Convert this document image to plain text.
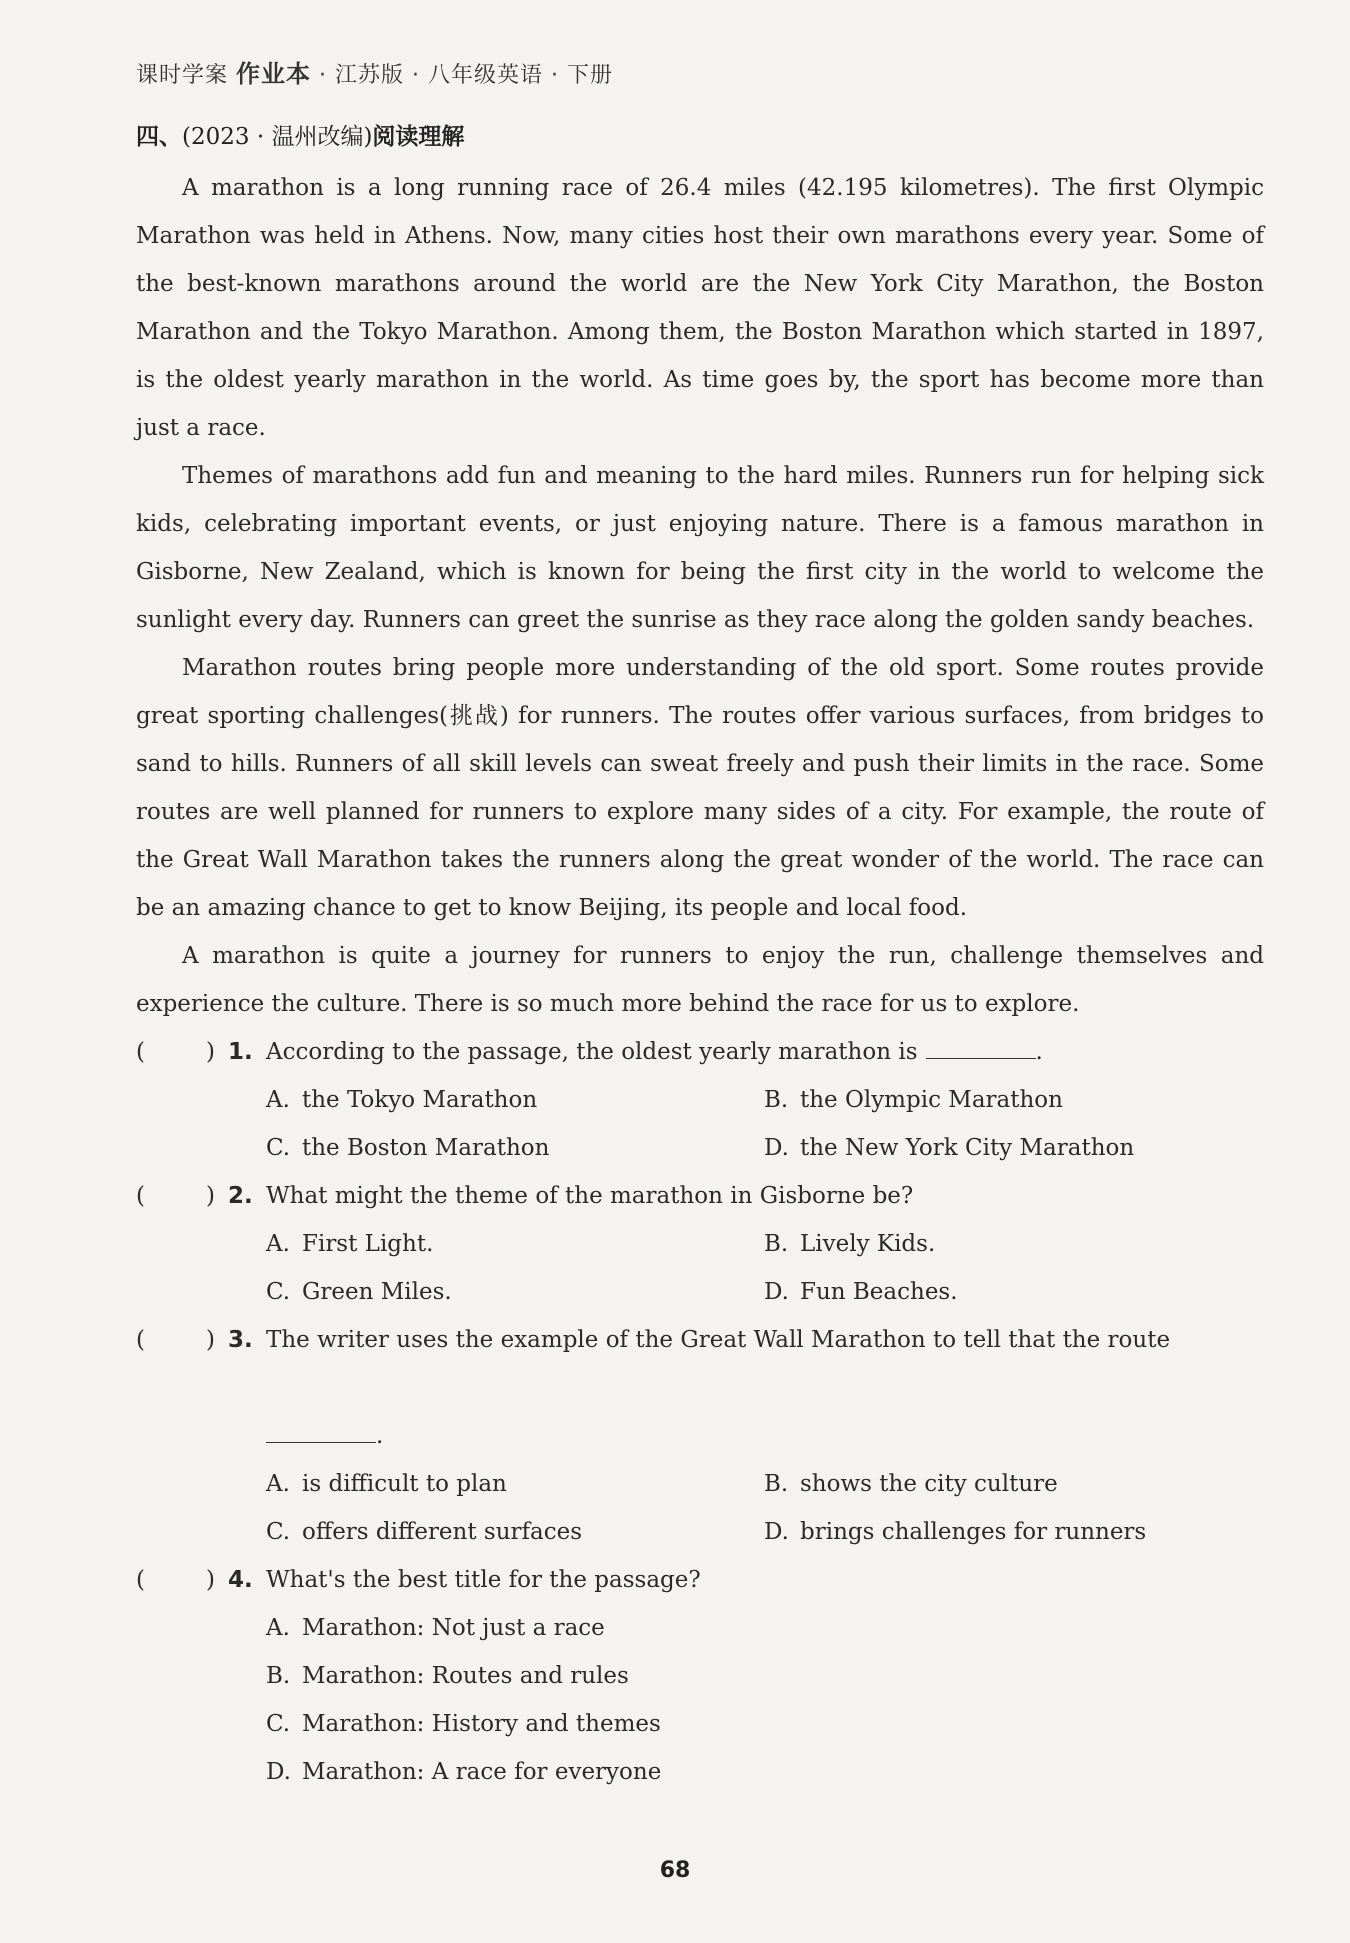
课时学案 作业本 · 江苏版 · 八年级英语 · 下册
四、(2023 · 温州改编)阅读理解

A marathon is a long running race of 26.4 miles (42.195 kilometres). The first Olympic Marathon was held in Athens. Now, many cities host their own marathons every year. Some of the best-known marathons around the world are the New York City Marathon, the Boston Marathon and the Tokyo Marathon. Among them, the Boston Marathon which started in 1897, is the oldest yearly marathon in the world. As time goes by, the sport has become more than just a race.

Themes of marathons add fun and meaning to the hard miles. Runners run for helping sick kids, celebrating important events, or just enjoying nature. There is a famous marathon in Gisborne, New Zealand, which is known for being the first city in the world to welcome the sunlight every day. Runners can greet the sunrise as they race along the golden sandy beaches.

Marathon routes bring people more understanding of the old sport. Some routes provide great sporting challenges(挑战) for runners. The routes offer various surfaces, from bridges to sand to hills. Runners of all skill levels can sweat freely and push their limits in the race. Some routes are well planned for runners to explore many sides of a city. For example, the route of the Great Wall Marathon takes the runners along the great wonder of the world. The race can be an amazing chance to get to know Beijing, its people and local food.

A marathon is quite a journey for runners to enjoy the run, challenge themselves and experience the culture. There is so much more behind the race for us to explore.

(	) 1. According to the passage, the oldest yearly marathon is	.
A. the Tokyo Marathon	B. the Olympic Marathon
C. the Boston Marathon	D. the New York City Marathon
(	) 2. What might the theme of the marathon in Gisborne be?
A. First Light.	B. Lively Kids.
C. Green Miles.	D. Fun Beaches.
(	) 3. The writer uses the example of the Great Wall Marathon to tell that the route

.
A. is difficult to plan	B. shows the city culture
C. offers different surfaces	D. brings challenges for runners
(	) 4. What's the best title for the passage?
A. Marathon: Not just a race
B. Marathon: Routes and rules
C. Marathon: History and themes
D. Marathon: A race for everyone
68
